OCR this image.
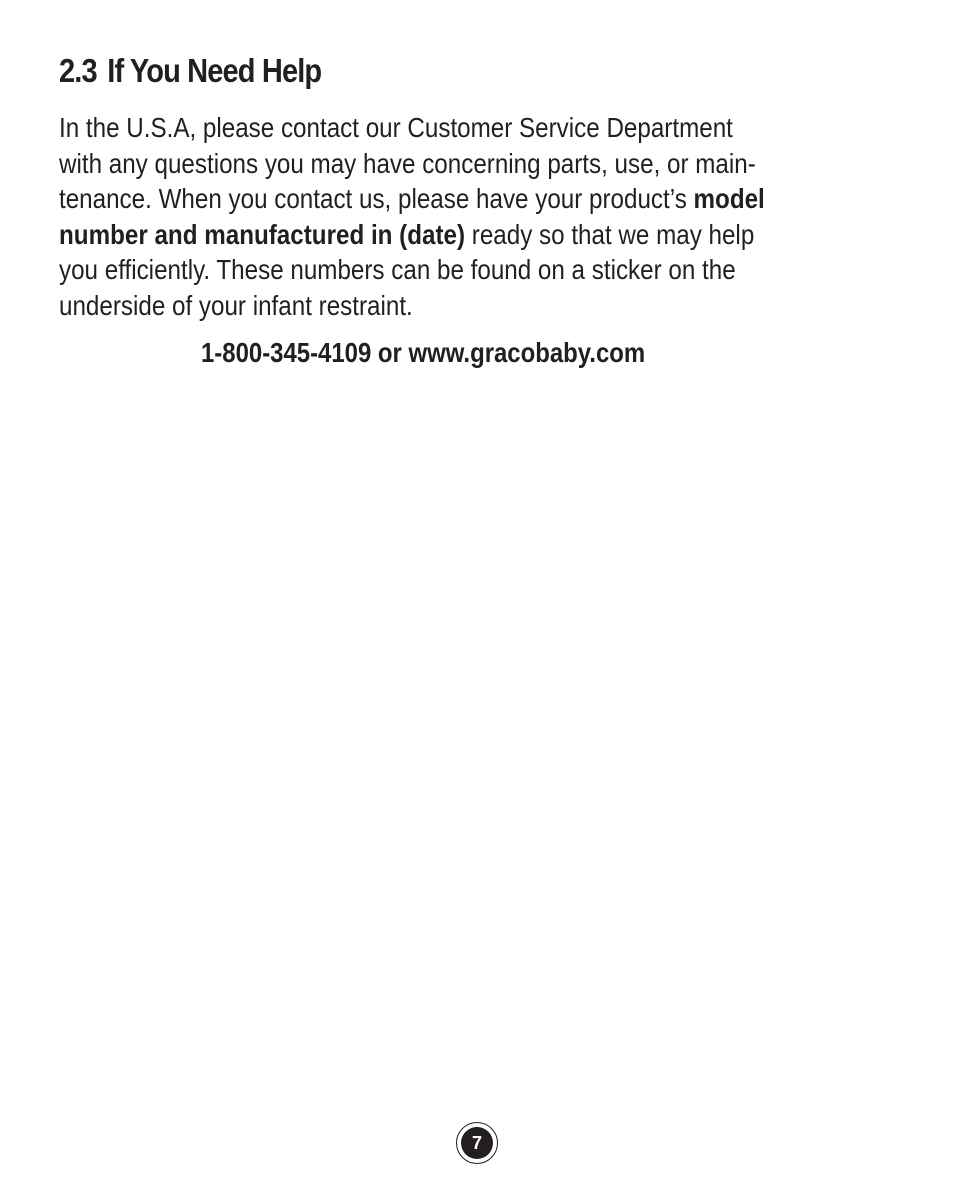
2.3 If You Need Help

In the U.S.A, please contact our Customer Service Department
with any questions you may have concerning parts, use, or main-
tenance. When you contact us, please have your product’s model
number and manufactured in (date) ready so that we may help
you efficiently. These numbers can be found on a sticker on the
underside of your infant restraint.

1-800-345-4109 or www.gracobaby.com

7
